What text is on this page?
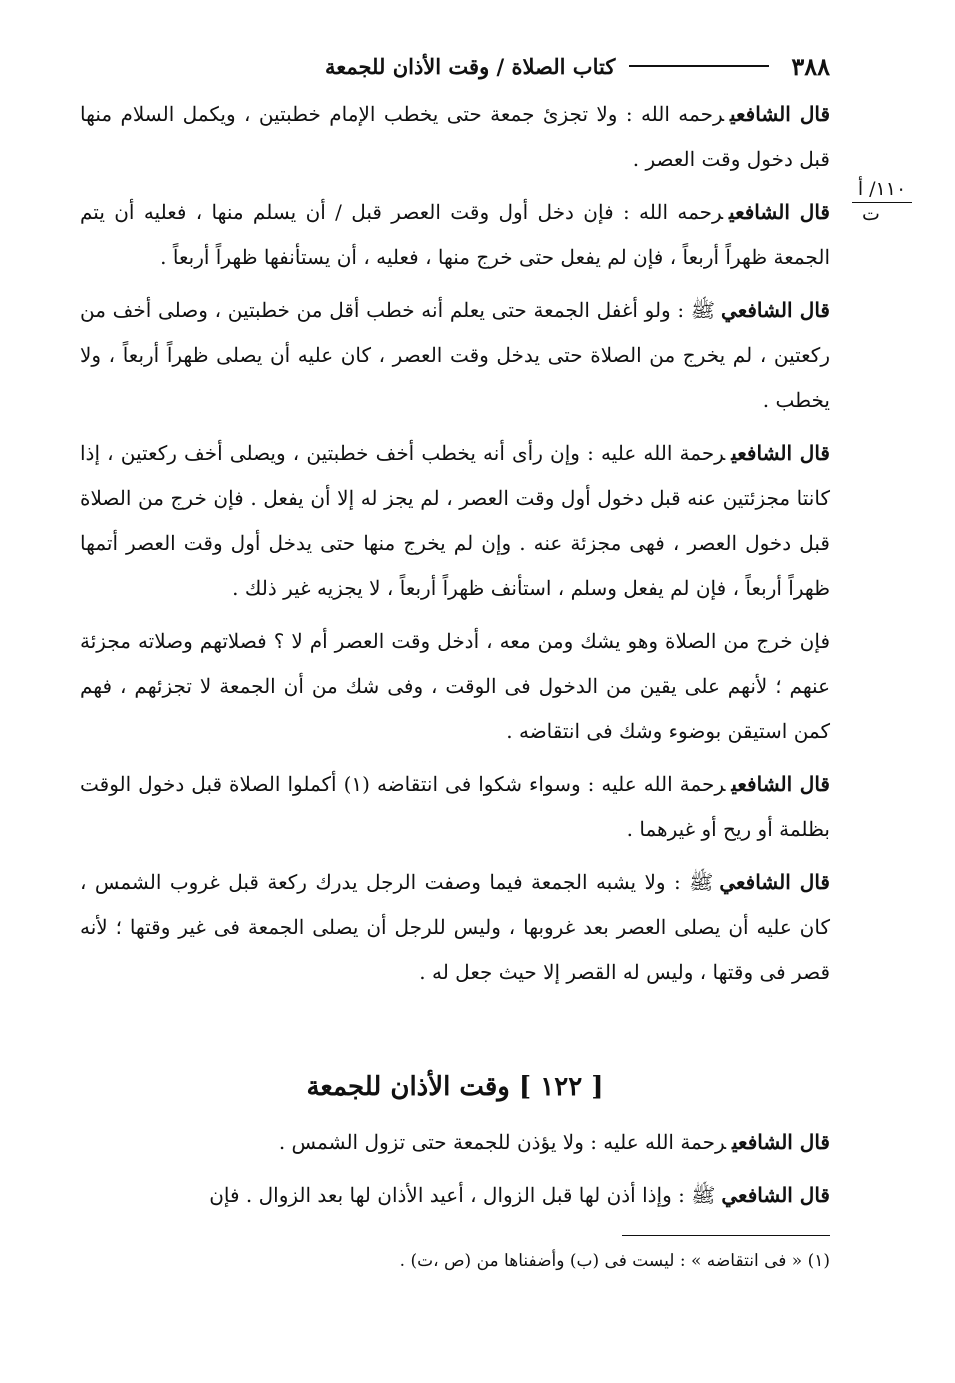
٣٨٨
كتاب الصلاة / وقت الأذان للجمعة
١١٠/ أ
ت

قال الشافعيرحمه الله : ولا تجزئ جمعة حتى يخطب الإمام خطبتين ، ويكمل السلام منها قبل دخول وقت العصر .

قال الشافعيرحمه الله : فإن دخل أول وقت العصر قبل / أن يسلم منها ، فعليه أن يتم الجمعة ظهراً أربعاً ، فإن لم يفعل حتى خرج منها ، فعليه ، أن يستأنفها ظهراً أربعاً .

قال الشافعيﷺ : ولو أغفل الجمعة حتى يعلم أنه خطب أقل من خطبتين ، وصلى أخف من ركعتين ، لم يخرج من الصلاة حتى يدخل وقت العصر ، كان عليه أن يصلى ظهراً أربعاً ، ولا يخطب .

قال الشافعيرحمة الله عليه : وإن رأى أنه يخطب أخف خطبتين ، ويصلى أخف ركعتين ، إذا كانتا مجزئتين عنه قبل دخول أول وقت العصر ، لم يجز له إلا أن يفعل . فإن خرج من الصلاة قبل دخول العصر ، فهى مجزئة عنه . وإن لم يخرج منها حتى يدخل أول وقت العصر أتمها ظهراً أربعاً ، فإن لم يفعل وسلم ، استأنف ظهراً أربعاً ، لا يجزيه غير ذلك .

فإن خرج من الصلاة وهو يشك ومن معه ، أدخل وقت العصر أم لا ؟ فصلاتهم وصلاته مجزئة عنهم ؛ لأنهم على يقين من الدخول فى الوقت ، وفى شك من أن الجمعة لا تجزئهم ، فهم كمن استيقن بوضوء وشك فى انتقاضه .

قال الشافعيرحمة الله عليه : وسواء شكوا فى انتقاضه (١) أكملوا الصلاة قبل دخول الوقت بظلمة أو ريح أو غيرهما .

قال الشافعيﷺ : ولا يشبه الجمعة فيما وصفت الرجل يدرك ركعة قبل غروب الشمس ، كان عليه أن يصلى العصر بعد غروبها ، وليس للرجل أن يصلى الجمعة فى غير وقتها ؛ لأنه قصر فى وقتها ، وليس له القصر إلا حيث جعل له .

[ ١٢٢ ] وقت الأذان للجمعة

قال الشافعيرحمة الله عليه : ولا يؤذن للجمعة حتى تزول الشمس .

قال الشافعيﷺ : وإذا أذن لها قبل الزوال ، أعيد الأذان لها بعد الزوال . فإن

(١) « فى انتقاضه » : ليست فى (ب) وأضفناها من (ص ،ت) .
